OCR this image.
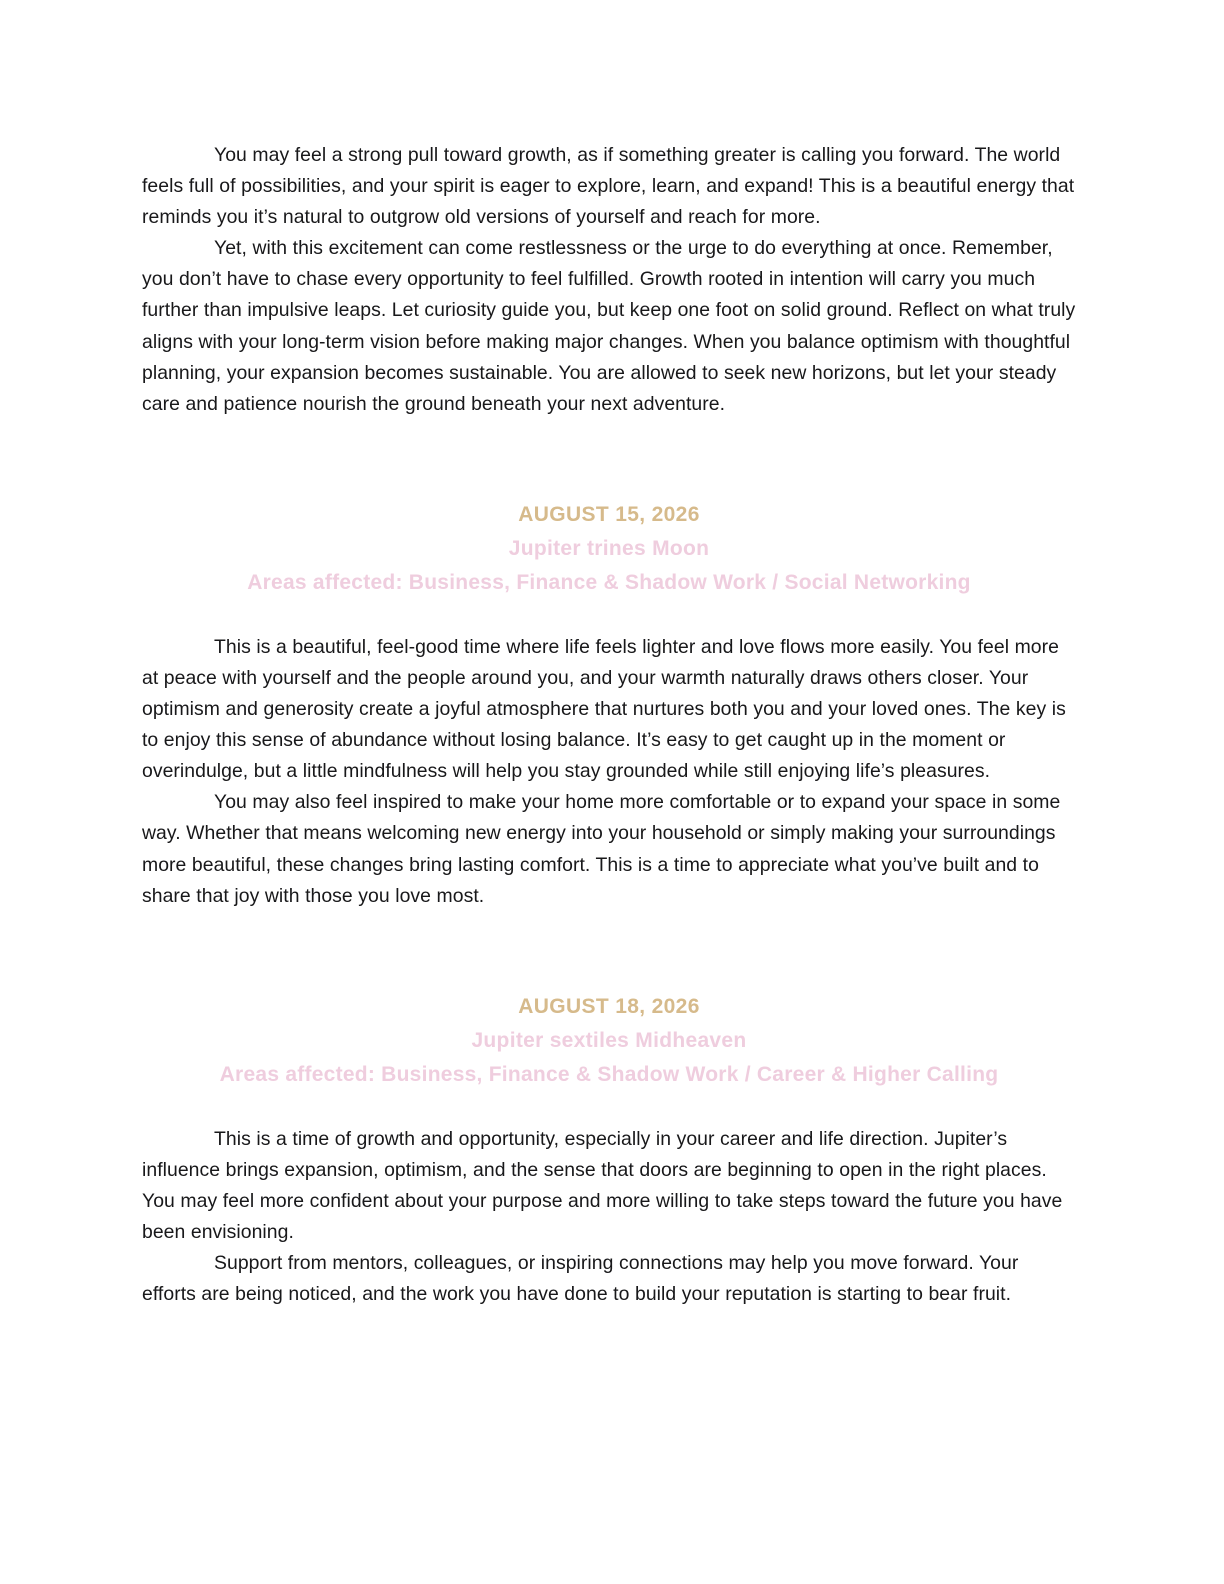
You may feel a strong pull toward growth, as if something greater is calling you forward. The world feels full of possibilities, and your spirit is eager to explore, learn, and expand! This is a beautiful energy that reminds you it’s natural to outgrow old versions of yourself and reach for more.

Yet, with this excitement can come restlessness or the urge to do everything at once. Remember, you don’t have to chase every opportunity to feel fulfilled. Growth rooted in intention will carry you much further than impulsive leaps. Let curiosity guide you, but keep one foot on solid ground. Reflect on what truly aligns with your long-term vision before making major changes. When you balance optimism with thoughtful planning, your expansion becomes sustainable. You are allowed to seek new horizons, but let your steady care and patience nourish the ground beneath your next adventure.

AUGUST 15, 2026

Jupiter trines Moon

Areas affected: Business, Finance & Shadow Work / Social Networking

This is a beautiful, feel-good time where life feels lighter and love flows more easily. You feel more at peace with yourself and the people around you, and your warmth naturally draws others closer. Your optimism and generosity create a joyful atmosphere that nurtures both you and your loved ones. The key is to enjoy this sense of abundance without losing balance. It’s easy to get caught up in the moment or overindulge, but a little mindfulness will help you stay grounded while still enjoying life’s pleasures.

You may also feel inspired to make your home more comfortable or to expand your space in some way. Whether that means welcoming new energy into your household or simply making your surroundings more beautiful, these changes bring lasting comfort. This is a time to appreciate what you’ve built and to share that joy with those you love most.

AUGUST 18, 2026

Jupiter sextiles Midheaven

Areas affected: Business, Finance & Shadow Work / Career & Higher Calling

This is a time of growth and opportunity, especially in your career and life direction. Jupiter’s influence brings expansion, optimism, and the sense that doors are beginning to open in the right places. You may feel more confident about your purpose and more willing to take steps toward the future you have been envisioning.

Support from mentors, colleagues, or inspiring connections may help you move forward. Your efforts are being noticed, and the work you have done to build your reputation is starting to bear fruit.
